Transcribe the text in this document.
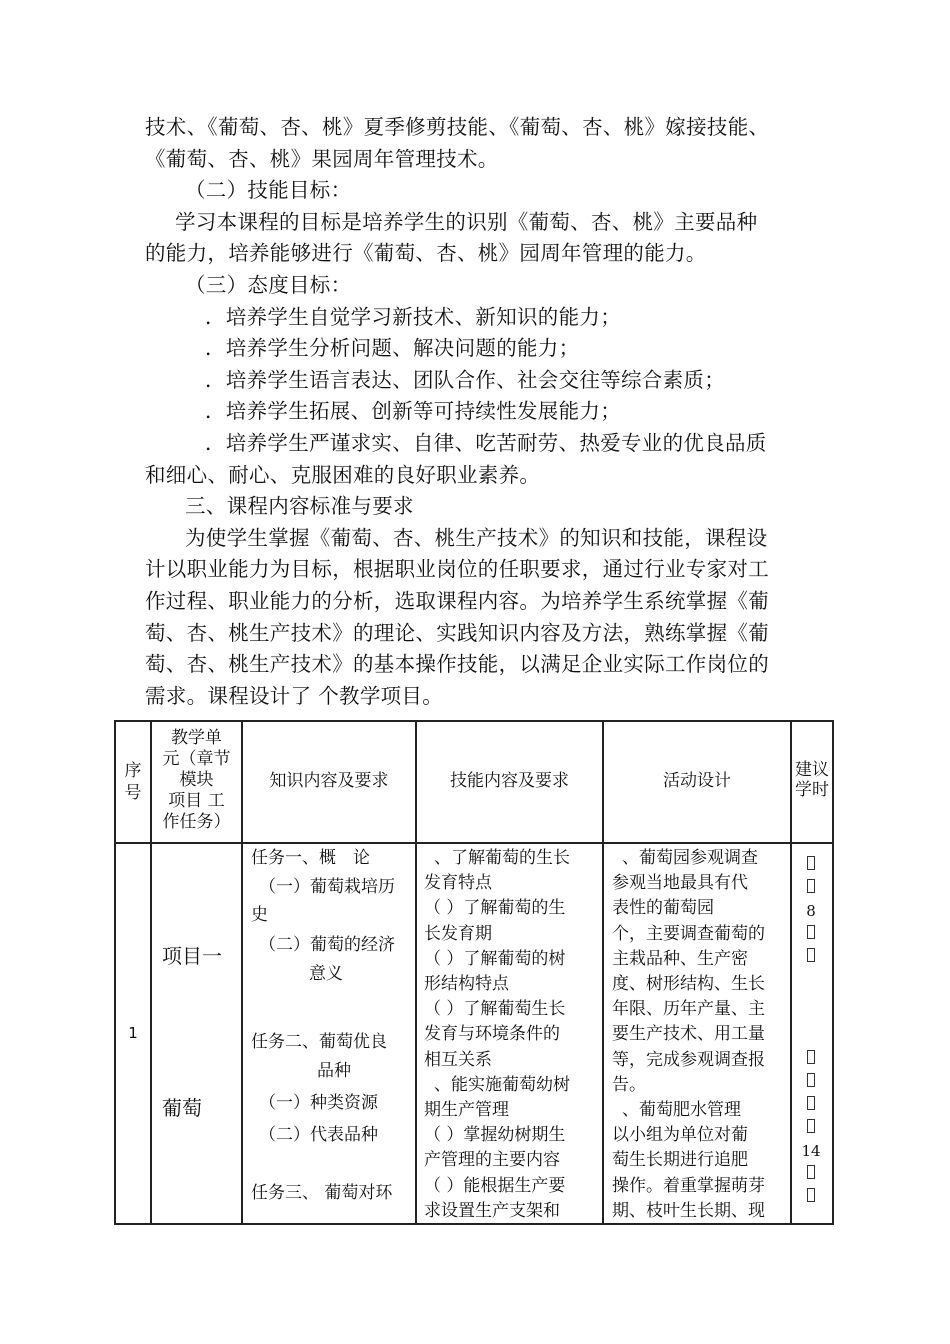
技术、《葡萄、杏、桃》夏季修剪技能、《葡萄、杏、桃》嫁接技能、

《葡萄、杏、桃》果园周年管理技术。

（二）技能目标：

学习本课程的目标是培养学生的识别《葡萄、杏、桃》主要品种

的能力，培养能够进行《葡萄、杏、桃》园周年管理的能力。

（三）态度目标：

．培养学生自觉学习新技术、新知识的能力；

．培养学生分析问题、解决问题的能力；

．培养学生语言表达、团队合作、社会交往等综合素质；

．培养学生拓展、创新等可持续性发展能力；

．培养学生严谨求实、自律、吃苦耐劳、热爱专业的优良品质

和细心、耐心、克服困难的良好职业素养。

三、课程内容标准与要求

为使学生掌握《葡萄、杏、桃生产技术》的知识和技能，课程设

计以职业能力为目标，根据职业岗位的任职要求，通过行业专家对工

作过程、职业能力的分析，选取课程内容。为培养学生系统掌握《葡

萄、杏、桃生产技术》的理论、实践知识内容及方法，熟练掌握《葡

萄、杏、桃生产技术》的基本操作技能，以满足企业实际工作岗位的

需求。课程设计了 个教学项目。

序
号
教学单
元（章节
模块
项目 工
作任务）
知识内容及要求	技能内容及要求	活动设计
建议
学时
1
项目一
葡萄
任务一、概　论
（一）葡萄栽培历
史
（二）葡萄的经济
意义
任务二、葡萄优良
品种
（一）种类资源
（二）代表品种
任务三、 葡萄对环
、了解葡萄的生长
发育特点
（ ）了解葡萄的生
长发育期
（ ）了解葡萄的树
形结构特点
（ ）了解葡萄生长
发育与环境条件的
相互关系
、能实施葡萄幼树
期生产管理
（ ）掌握幼树期生
产管理的主要内容
（ ）能根据生产要
求设置生产支架和
、葡萄园参观调查
参观当地最具有代
表性的葡萄园
个，主要调查葡萄的
主栽品种、生产密
度、树形结构、生长
年限、历年产量、主
要生产技术、用工量
等，完成参观调查报
告。
、葡萄肥水管理
以小组为单位对葡
萄生长期进行追肥
操作。着重掌握萌芽
期、枝叶生长期、现
8
14
